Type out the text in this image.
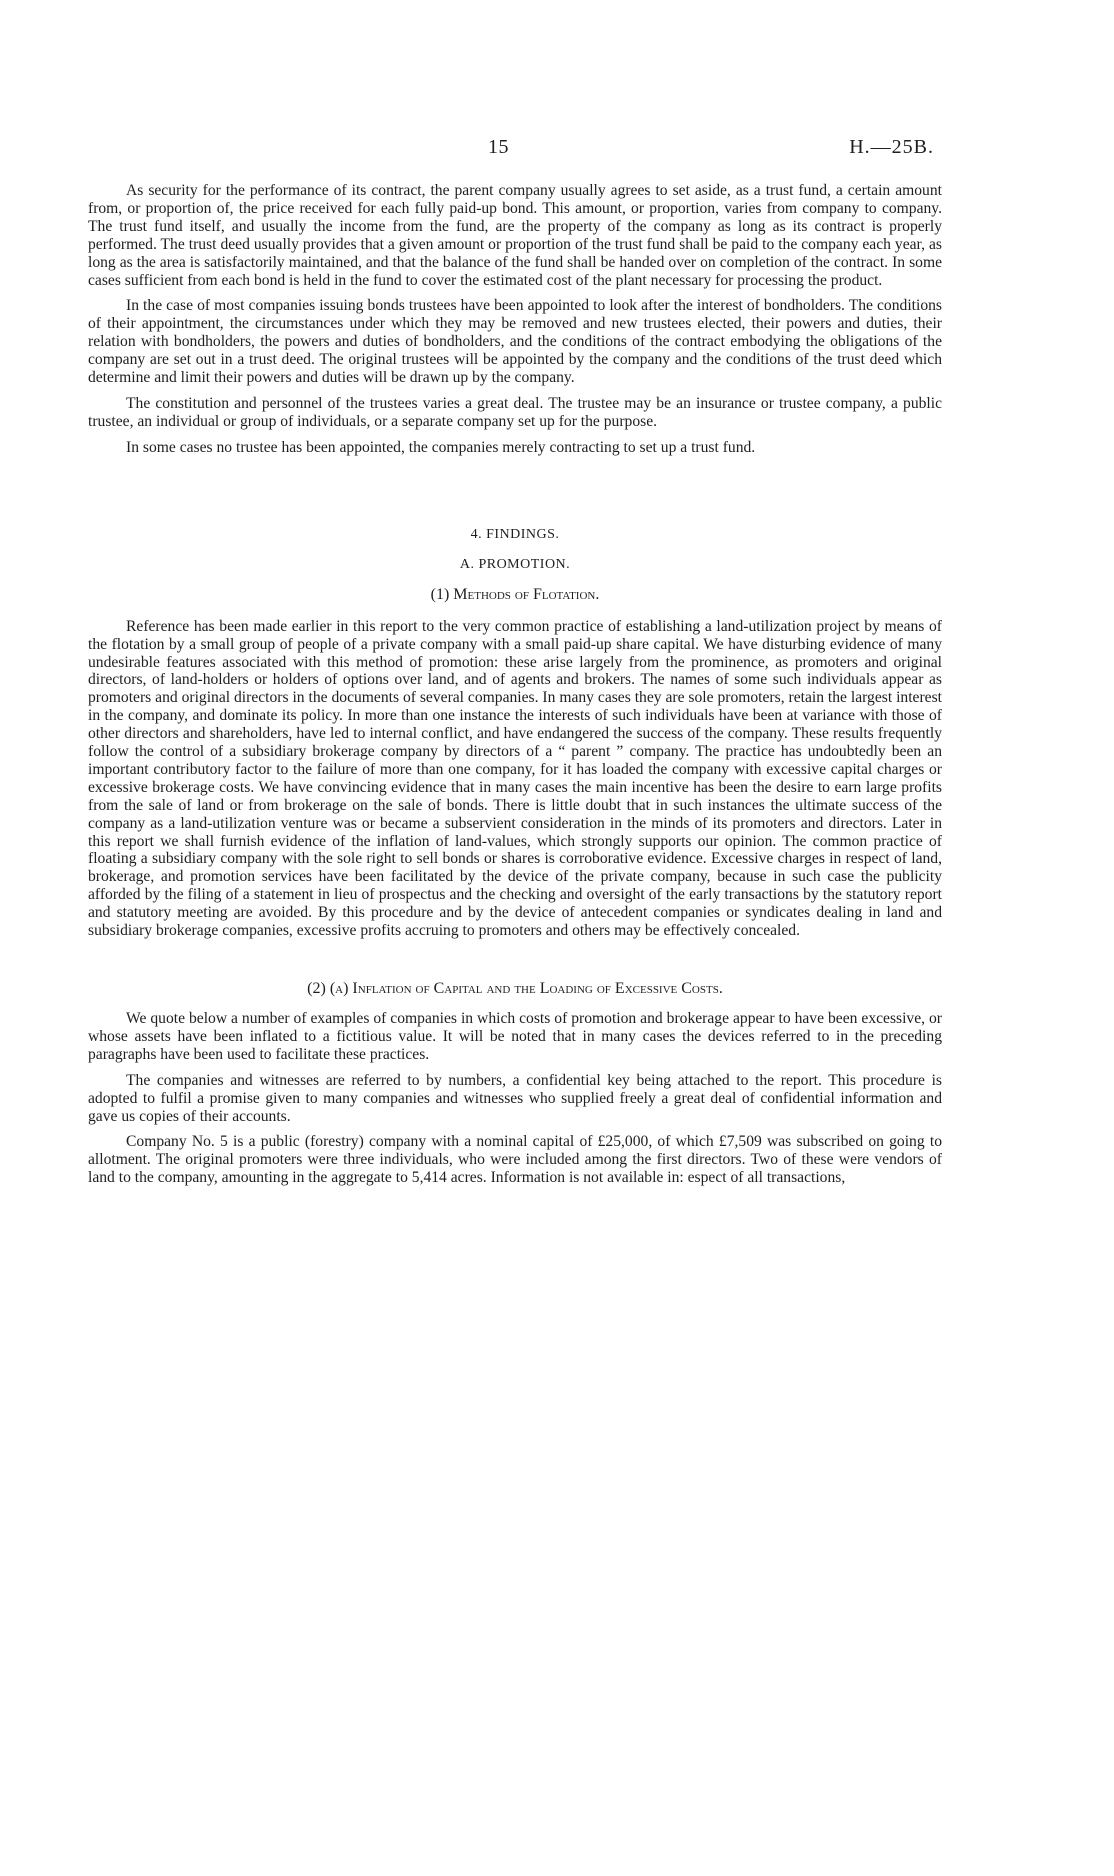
15	H.—25B.

As security for the performance of its contract, the parent company usually agrees to set aside, as a trust fund, a certain amount from, or proportion of, the price received for each fully paid-up bond. This amount, or proportion, varies from company to company. The trust fund itself, and usually the income from the fund, are the property of the company as long as its contract is properly performed. The trust deed usually provides that a given amount or proportion of the trust fund shall be paid to the company each year, as long as the area is satisfactorily maintained, and that the balance of the fund shall be handed over on completion of the contract. In some cases sufficient from each bond is held in the fund to cover the estimated cost of the plant necessary for processing the product.

In the case of most companies issuing bonds trustees have been appointed to look after the interest of bondholders. The conditions of their appointment, the circumstances under which they may be removed and new trustees elected, their powers and duties, their relation with bondholders, the powers and duties of bondholders, and the conditions of the contract embodying the obligations of the company are set out in a trust deed. The original trustees will be appointed by the company and the conditions of the trust deed which determine and limit their powers and duties will be drawn up by the company.

The constitution and personnel of the trustees varies a great deal. The trustee may be an insurance or trustee company, a public trustee, an individual or group of individuals, or a separate company set up for the purpose.

In some cases no trustee has been appointed, the companies merely contracting to set up a trust fund.

4. FINDINGS.
A. PROMOTION.
(1) Methods of Flotation.

Reference has been made earlier in this report to the very common practice of establishing a land-utilization project by means of the flotation by a small group of people of a private company with a small paid-up share capital. We have disturbing evidence of many undesirable features associated with this method of promotion: these arise largely from the prominence, as promoters and original directors, of land-holders or holders of options over land, and of agents and brokers. The names of some such individuals appear as promoters and original directors in the documents of several companies. In many cases they are sole promoters, retain the largest interest in the company, and dominate its policy. In more than one instance the interests of such individuals have been at variance with those of other directors and shareholders, have led to internal conflict, and have endangered the success of the company. These results frequently follow the control of a subsidiary brokerage company by directors of a “ parent ” company. The practice has undoubtedly been an important contributory factor to the failure of more than one company, for it has loaded the company with excessive capital charges or excessive brokerage costs. We have convincing evidence that in many cases the main incentive has been the desire to earn large profits from the sale of land or from brokerage on the sale of bonds. There is little doubt that in such instances the ultimate success of the company as a land-utilization venture was or became a subservient consideration in the minds of its promoters and directors. Later in this report we shall furnish evidence of the inflation of land-values, which strongly supports our opinion. The common practice of floating a subsidiary company with the sole right to sell bonds or shares is corroborative evidence. Excessive charges in respect of land, brokerage, and promotion services have been facilitated by the device of the private company, because in such case the publicity afforded by the filing of a statement in lieu of prospectus and the checking and oversight of the early transactions by the statutory report and statutory meeting are avoided. By this procedure and by the device of antecedent companies or syndicates dealing in land and subsidiary brokerage companies, excessive profits accruing to promoters and others may be effectively concealed.

(2) (a) Inflation of Capital and the Loading of Excessive Costs.

We quote below a number of examples of companies in which costs of promotion and brokerage appear to have been excessive, or whose assets have been inflated to a fictitious value. It will be noted that in many cases the devices referred to in the preceding paragraphs have been used to facilitate these practices.

The companies and witnesses are referred to by numbers, a confidential key being attached to the report. This procedure is adopted to fulfil a promise given to many companies and witnesses who supplied freely a great deal of confidential information and gave us copies of their accounts.

Company No. 5 is a public (forestry) company with a nominal capital of £25,000, of which £7,509 was subscribed on going to allotment. The original promoters were three individuals, who were included among the first directors. Two of these were vendors of land to the company, amounting in the aggregate to 5,414 acres. Information is not available in: espect of all transactions,
